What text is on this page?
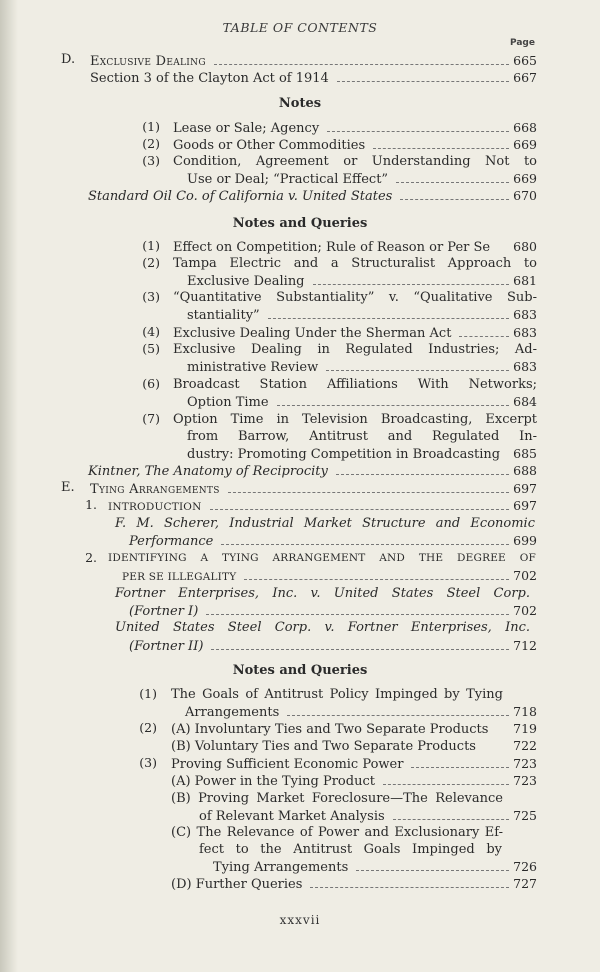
TABLE OF CONTENTS
Page
D. Exclusive Dealing	665
Section 3 of the Clayton Act of 1914	667
Notes
(1) Lease or Sale; Agency	668
(2) Goods or Other Commodities	669
(3) Condition, Agreement or Understanding Not to
Use or Deal; “Practical Effect”	669
Standard Oil Co. of California v. United States	670
Notes and Queries
(1) Effect on Competition; Rule of Reason or Per Se 680
(2) Tampa Electric and a Structuralist Approach to
Exclusive Dealing	681
(3) “Quantitative Substantiality” v. “Qualitative Sub-
stantiality”	683
(4) Exclusive Dealing Under the Sherman Act	683
(5) Exclusive Dealing in Regulated Industries; Ad-
ministrative Review	683
(6) Broadcast Station Affiliations With Networks;
Option Time	684
(7) Option Time in Television Broadcasting, Excerpt
from Barrow, Antitrust and Regulated In-
dustry: Promoting Competition in Broadcasting 685
Kintner, The Anatomy of Reciprocity	688
E. Tying Arrangements	697
1. INTRODUCTION	697
F. M. Scherer, Industrial Market Structure and Economic
Performance	699
2. IDENTIFYING A TYING ARRANGEMENT AND THE DEGREE OF
PER SE ILLEGALITY	702
Fortner Enterprises, Inc. v. United States Steel Corp.
(Fortner I)	702
United States Steel Corp. v. Fortner Enterprises, Inc.
(Fortner II)	712
Notes and Queries
(1) The Goals of Antitrust Policy Impinged by Tying
Arrangements	718
(2) (A) Involuntary Ties and Two Separate Products 719
(B) Voluntary Ties and Two Separate Products	722
(3) Proving Sufficient Economic Power	723
(A) Power in the Tying Product	723
(B) Proving Market Foreclosure—The Relevance
of Relevant Market Analysis	725
(C) The Relevance of Power and Exclusionary Ef-
fect to the Antitrust Goals Impinged by
Tying Arrangements	726
(D) Further Queries	727
xxxvii
